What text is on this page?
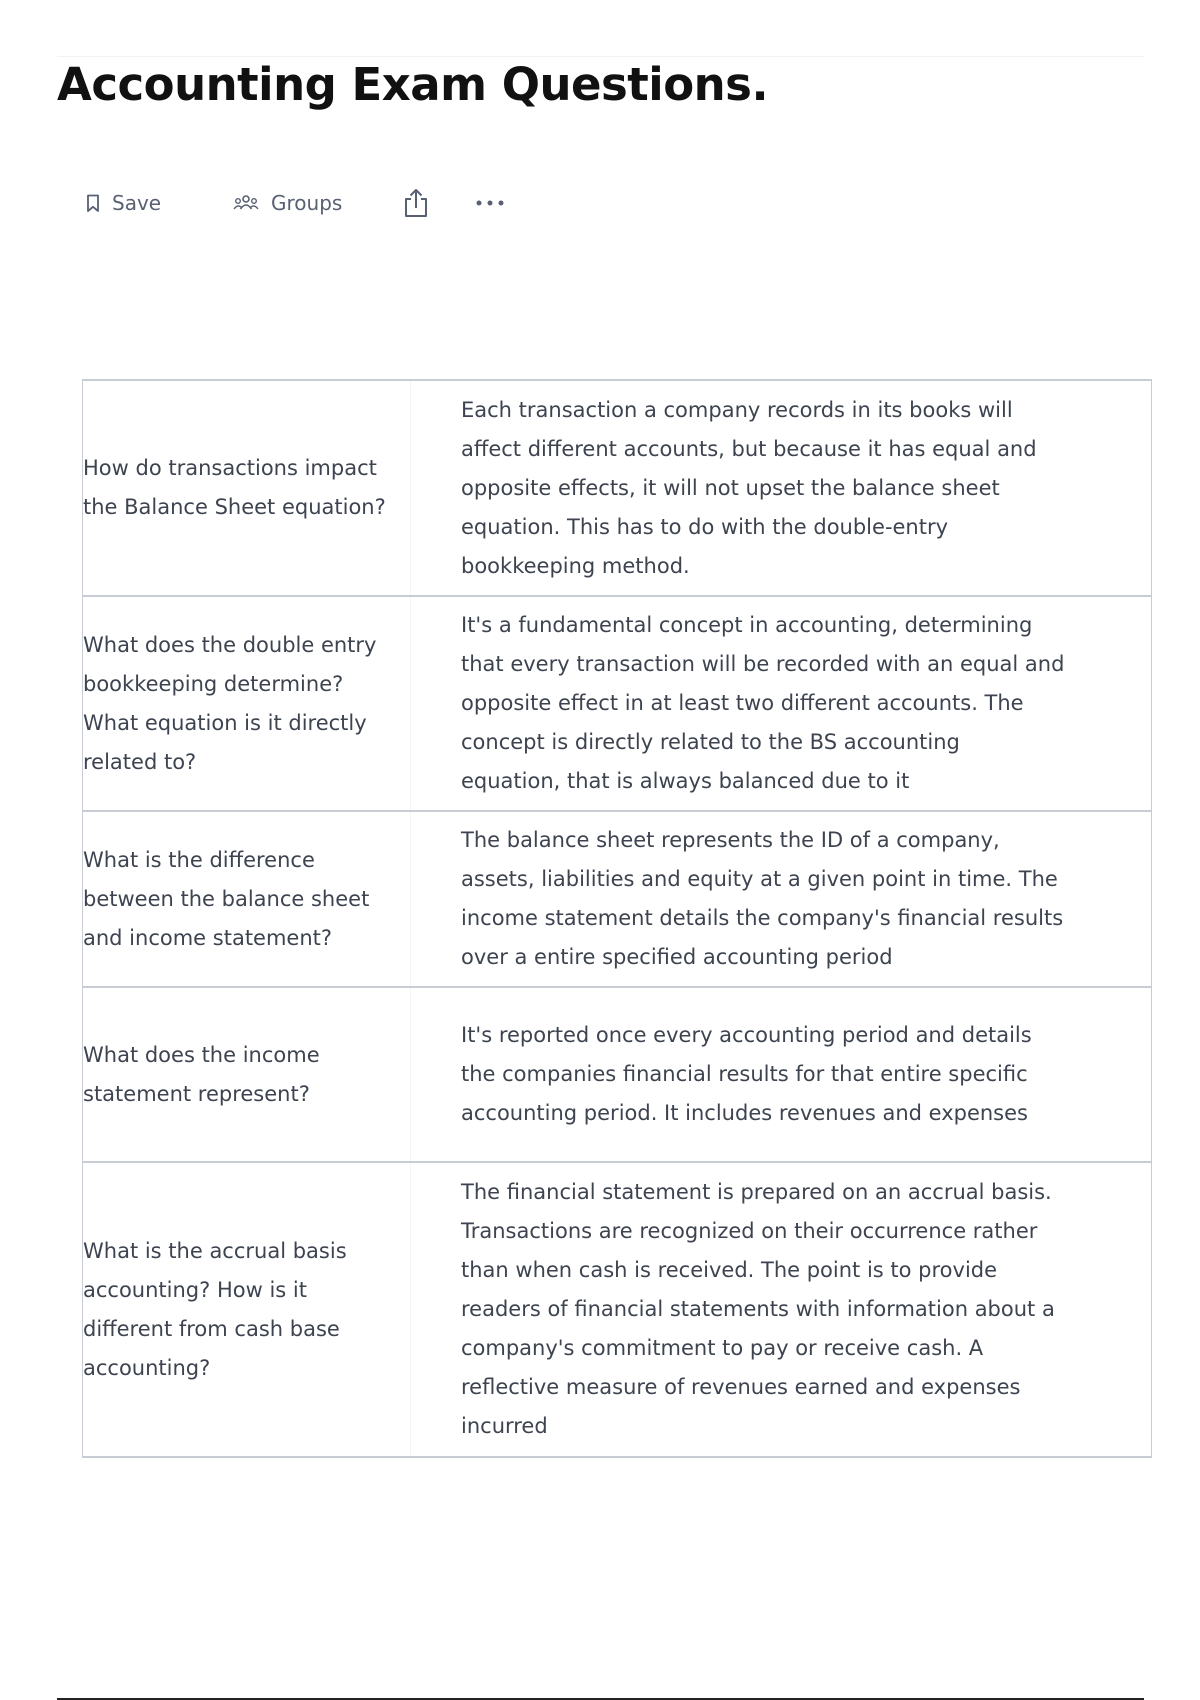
Accounting Exam Questions.
Save	Groups
How do transactions impact the Balance Sheet equation?	Each transaction a company records in its books will affect different accounts, but because it has equal and opposite effects, it will not upset the balance sheet equation. This has to do with the double-entry bookkeeping method.
What does the double entry bookkeeping determine? What equation is it directly related to?	It's a fundamental concept in accounting, determining that every transaction will be recorded with an equal and opposite effect in at least two different accounts. The concept is directly related to the BS accounting equation, that is always balanced due to it
What is the difference between the balance sheet and income statement?	The balance sheet represents the ID of a company, assets, liabilities and equity at a given point in time. The income statement details the company's financial results over a entire specified accounting period
What does the income statement represent?	It's reported once every accounting period and details the companies financial results for that entire specific accounting period. It includes revenues and expenses
What is the accrual basis accounting? How is it different from cash base accounting?	The financial statement is prepared on an accrual basis. Transactions are recognized on their occurrence rather than when cash is received. The point is to provide readers of financial statements with information about a company's commitment to pay or receive cash. A reflective measure of revenues earned and expenses incurred
